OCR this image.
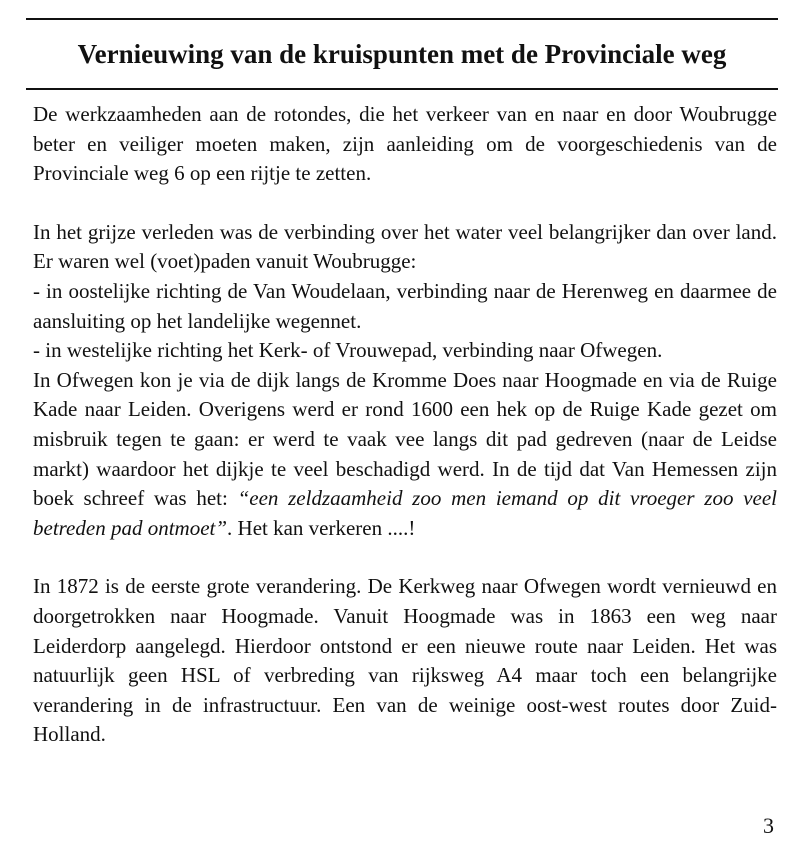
Vernieuwing van de kruispunten met de Provinciale weg

De werkzaamheden aan de rotondes, die het verkeer van en naar en door Woubrugge beter en veiliger moeten maken, zijn aanleiding om de voorgeschiedenis van de Provinciale weg 6 op een rijtje te zetten.

In het grijze verleden was de verbinding over het water veel belangrijker dan over land. Er waren wel (voet)paden vanuit Woubrugge:
- in oostelijke richting de Van Woudelaan, verbinding naar de Herenweg en daarmee de aansluiting op het landelijke wegennet.
- in westelijke richting het Kerk- of Vrouwepad, verbinding naar Ofwegen.
In Ofwegen kon je via de dijk langs de Kromme Does naar Hoogmade en via de Ruige Kade naar Leiden. Overigens werd er rond 1600 een hek op de Ruige Kade gezet om misbruik tegen te gaan: er werd te vaak vee langs dit pad gedreven (naar de Leidse markt) waardoor het dijkje te veel beschadigd werd. In de tijd dat Van Hemessen zijn boek schreef was het: “een zeldzaamheid zoo men iemand op dit vroeger zoo veel betreden pad ontmoet”. Het kan verkeren ....!

In 1872 is de eerste grote verandering. De Kerkweg naar Ofwegen wordt vernieuwd en doorgetrokken naar Hoogmade. Vanuit Hoogmade was in 1863 een weg naar Leiderdorp aangelegd. Hierdoor ontstond er een nieuwe route naar Leiden. Het was natuurlijk geen HSL of verbreding van rijksweg A4 maar toch een belangrijke verandering in de infrastructuur. Een van de weinige oost-west routes door Zuid-Holland.

3
